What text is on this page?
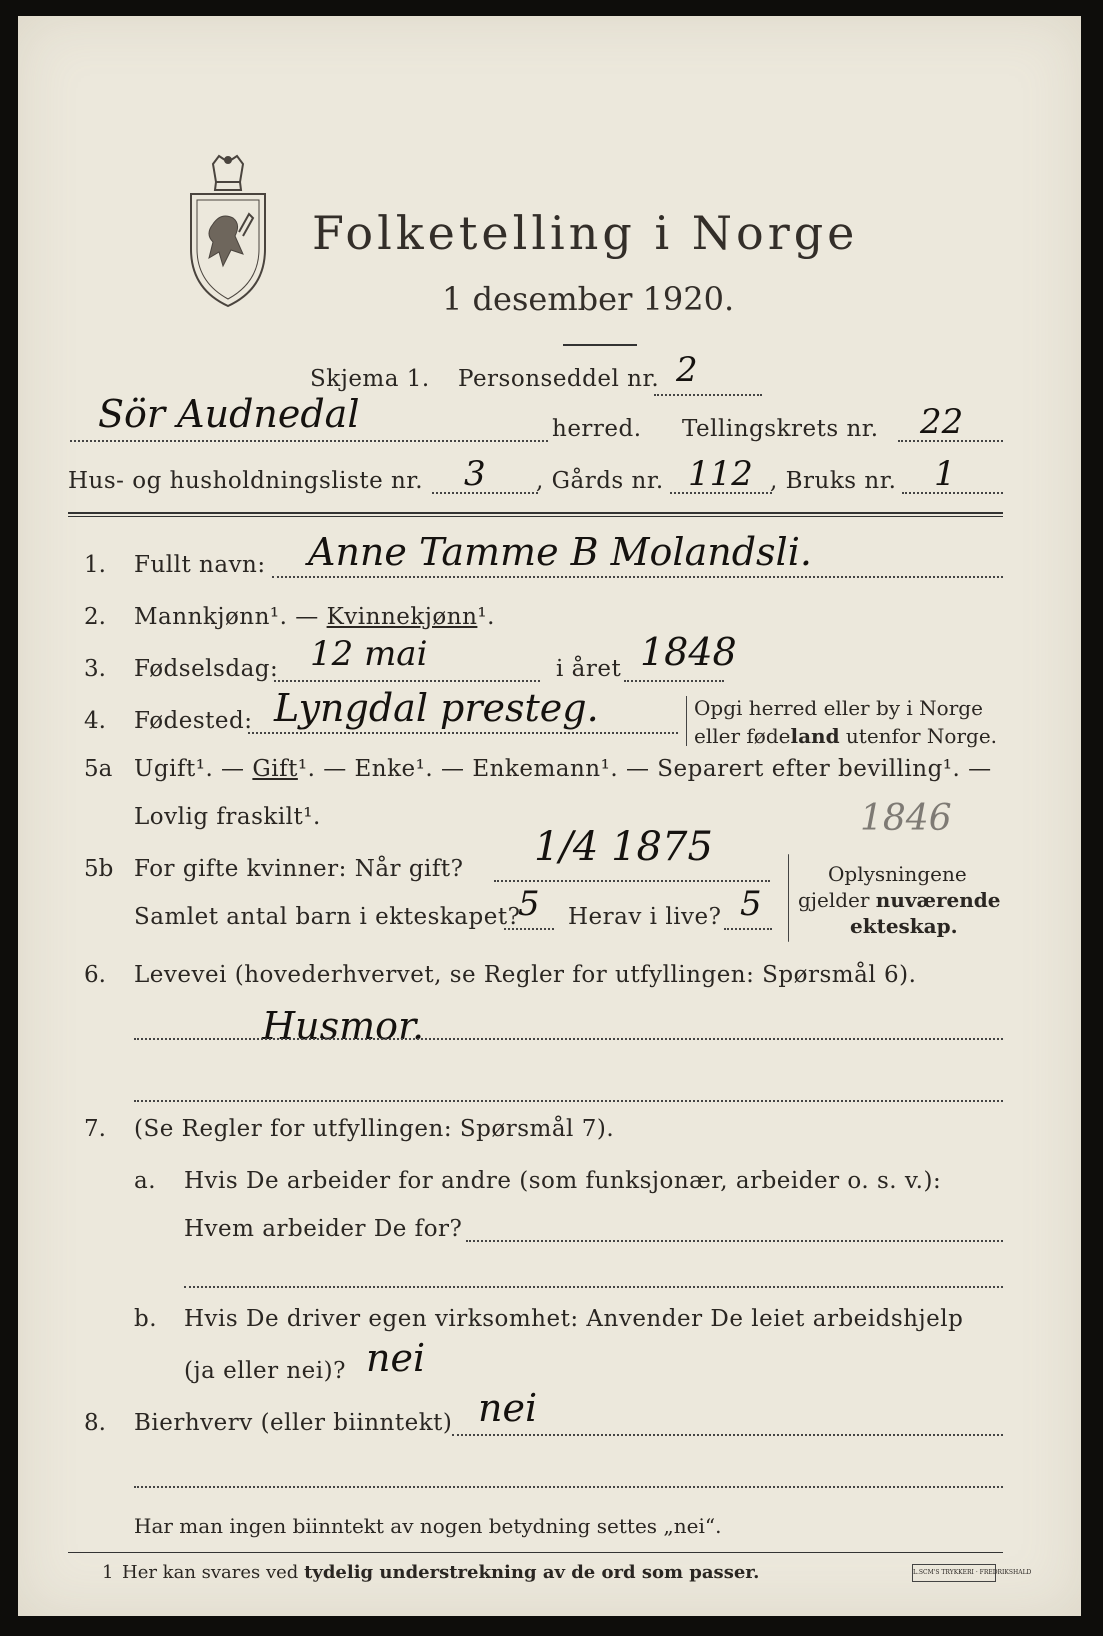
Folketelling i Norge
1 desember 1920.
Skjema 1. Personseddel nr. 2
Sör Audnedal	herred. Tellingskrets nr. 22
Hus- og husholdningsliste nr. 3 , Gårds nr. 112 , Bruks nr. 1
1. Fullt navn: Anne Tamme B Molandsli.
2. Mannkjønn¹. — Kvinnekjønn¹.
3. Fødselsdag: 12 mai	i året 1848
4. Fødested: Lyngdal presteg.	Opgi herred eller by i Norge
eller fødeland utenfor Norge.
5a Ugift¹. — Gift¹. — Enke¹. — Enkemann¹. — Separert efter bevilling¹. —
Lovlig fraskilt¹.
5b For gifte kvinner: Når gift? 1/4 1875
1846
Samlet antal barn i ekteskapet?
5 Herav i live? 5
Oplysningene
gjelder nuværende
ekteskap.
6. Levevei (hovederhvervet, se Regler for utfyllingen: Spørsmål 6).
Husmor.
7. (Se Regler for utfyllingen: Spørsmål 7).
a. Hvis De arbeider for andre (som funksjonær, arbeider o. s. v.):
Hvem arbeider De for?
b. Hvis De driver egen virksomhet: Anvender De leiet arbeidshjelp
(ja eller nei)? nei
8. Bierhverv (eller biinntekt) nei
Har man ingen biinntekt av nogen betydning settes „nei“.
1 Her kan svares ved tydelig understrekning av de ord som passer.	L.SCM'S TRYKKERI · FREDRIKSHALD
